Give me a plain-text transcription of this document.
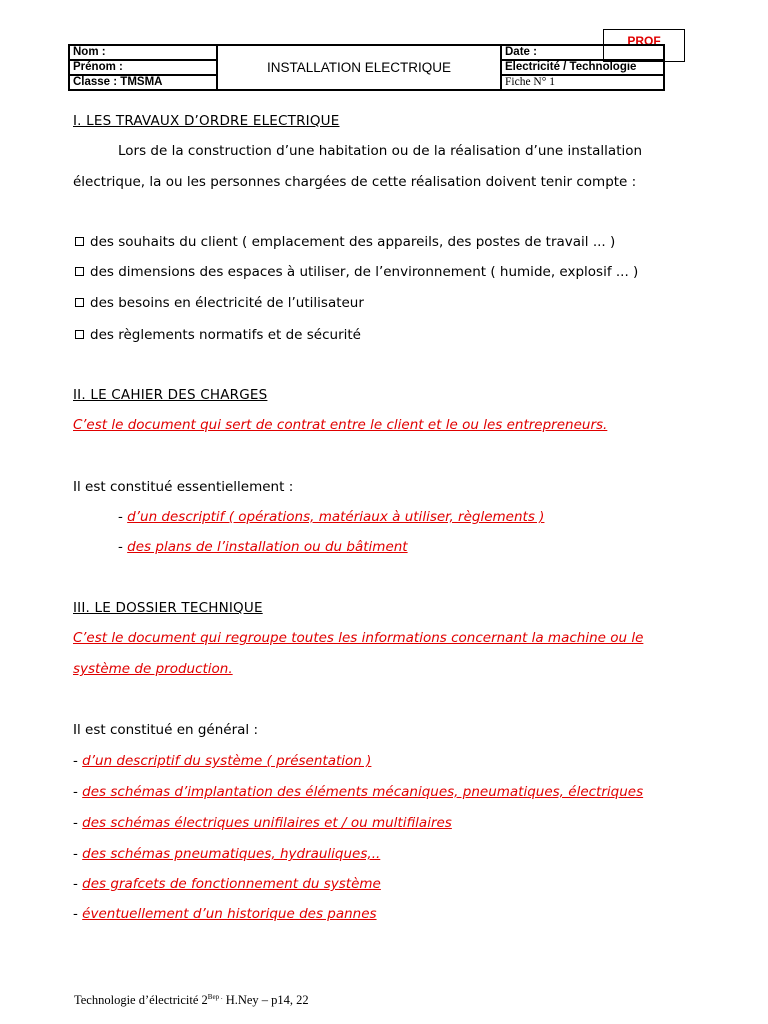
PROF
Nom :	INSTALLATION ELECTRIQUE	Date :
Prénom :		Electricité / Technologie
Classe : TMSMA		Fiche N° 1
I. LES TRAVAUX D’ORDRE ELECTRIQUE
Lors de la construction d’une habitation ou de la réalisation d’une installation
électrique, la ou les personnes chargées de cette réalisation doivent tenir compte :
des souhaits du client ( emplacement des appareils, des postes de travail ... )
des dimensions des espaces à utiliser, de l’environnement ( humide, explosif ... )
des besoins en électricité de l’utilisateur
des règlements normatifs et de sécurité
II. LE CAHIER DES CHARGES
C’est le document qui sert de contrat entre le client et le ou les entrepreneurs.
Il est constitué essentiellement :
- d’un descriptif ( opérations, matériaux à utiliser, règlements )
- des plans de l’installation ou du bâtiment
III. LE DOSSIER TECHNIQUE
C’est le document qui regroupe toutes les informations concernant la machine ou le
système de production.
Il est constitué en général :
- d’un descriptif du système ( présentation )
- des schémas d’implantation des éléments mécaniques, pneumatiques, électriques
- des schémas électriques unifilaires et / ou multifilaires
- des schémas pneumatiques, hydrauliques,..
- des grafcets de fonctionnement du système
- éventuellement d’un historique des pannes
Technologie d’électricité $2^{Bep .}$ H.Ney – p14, 22
